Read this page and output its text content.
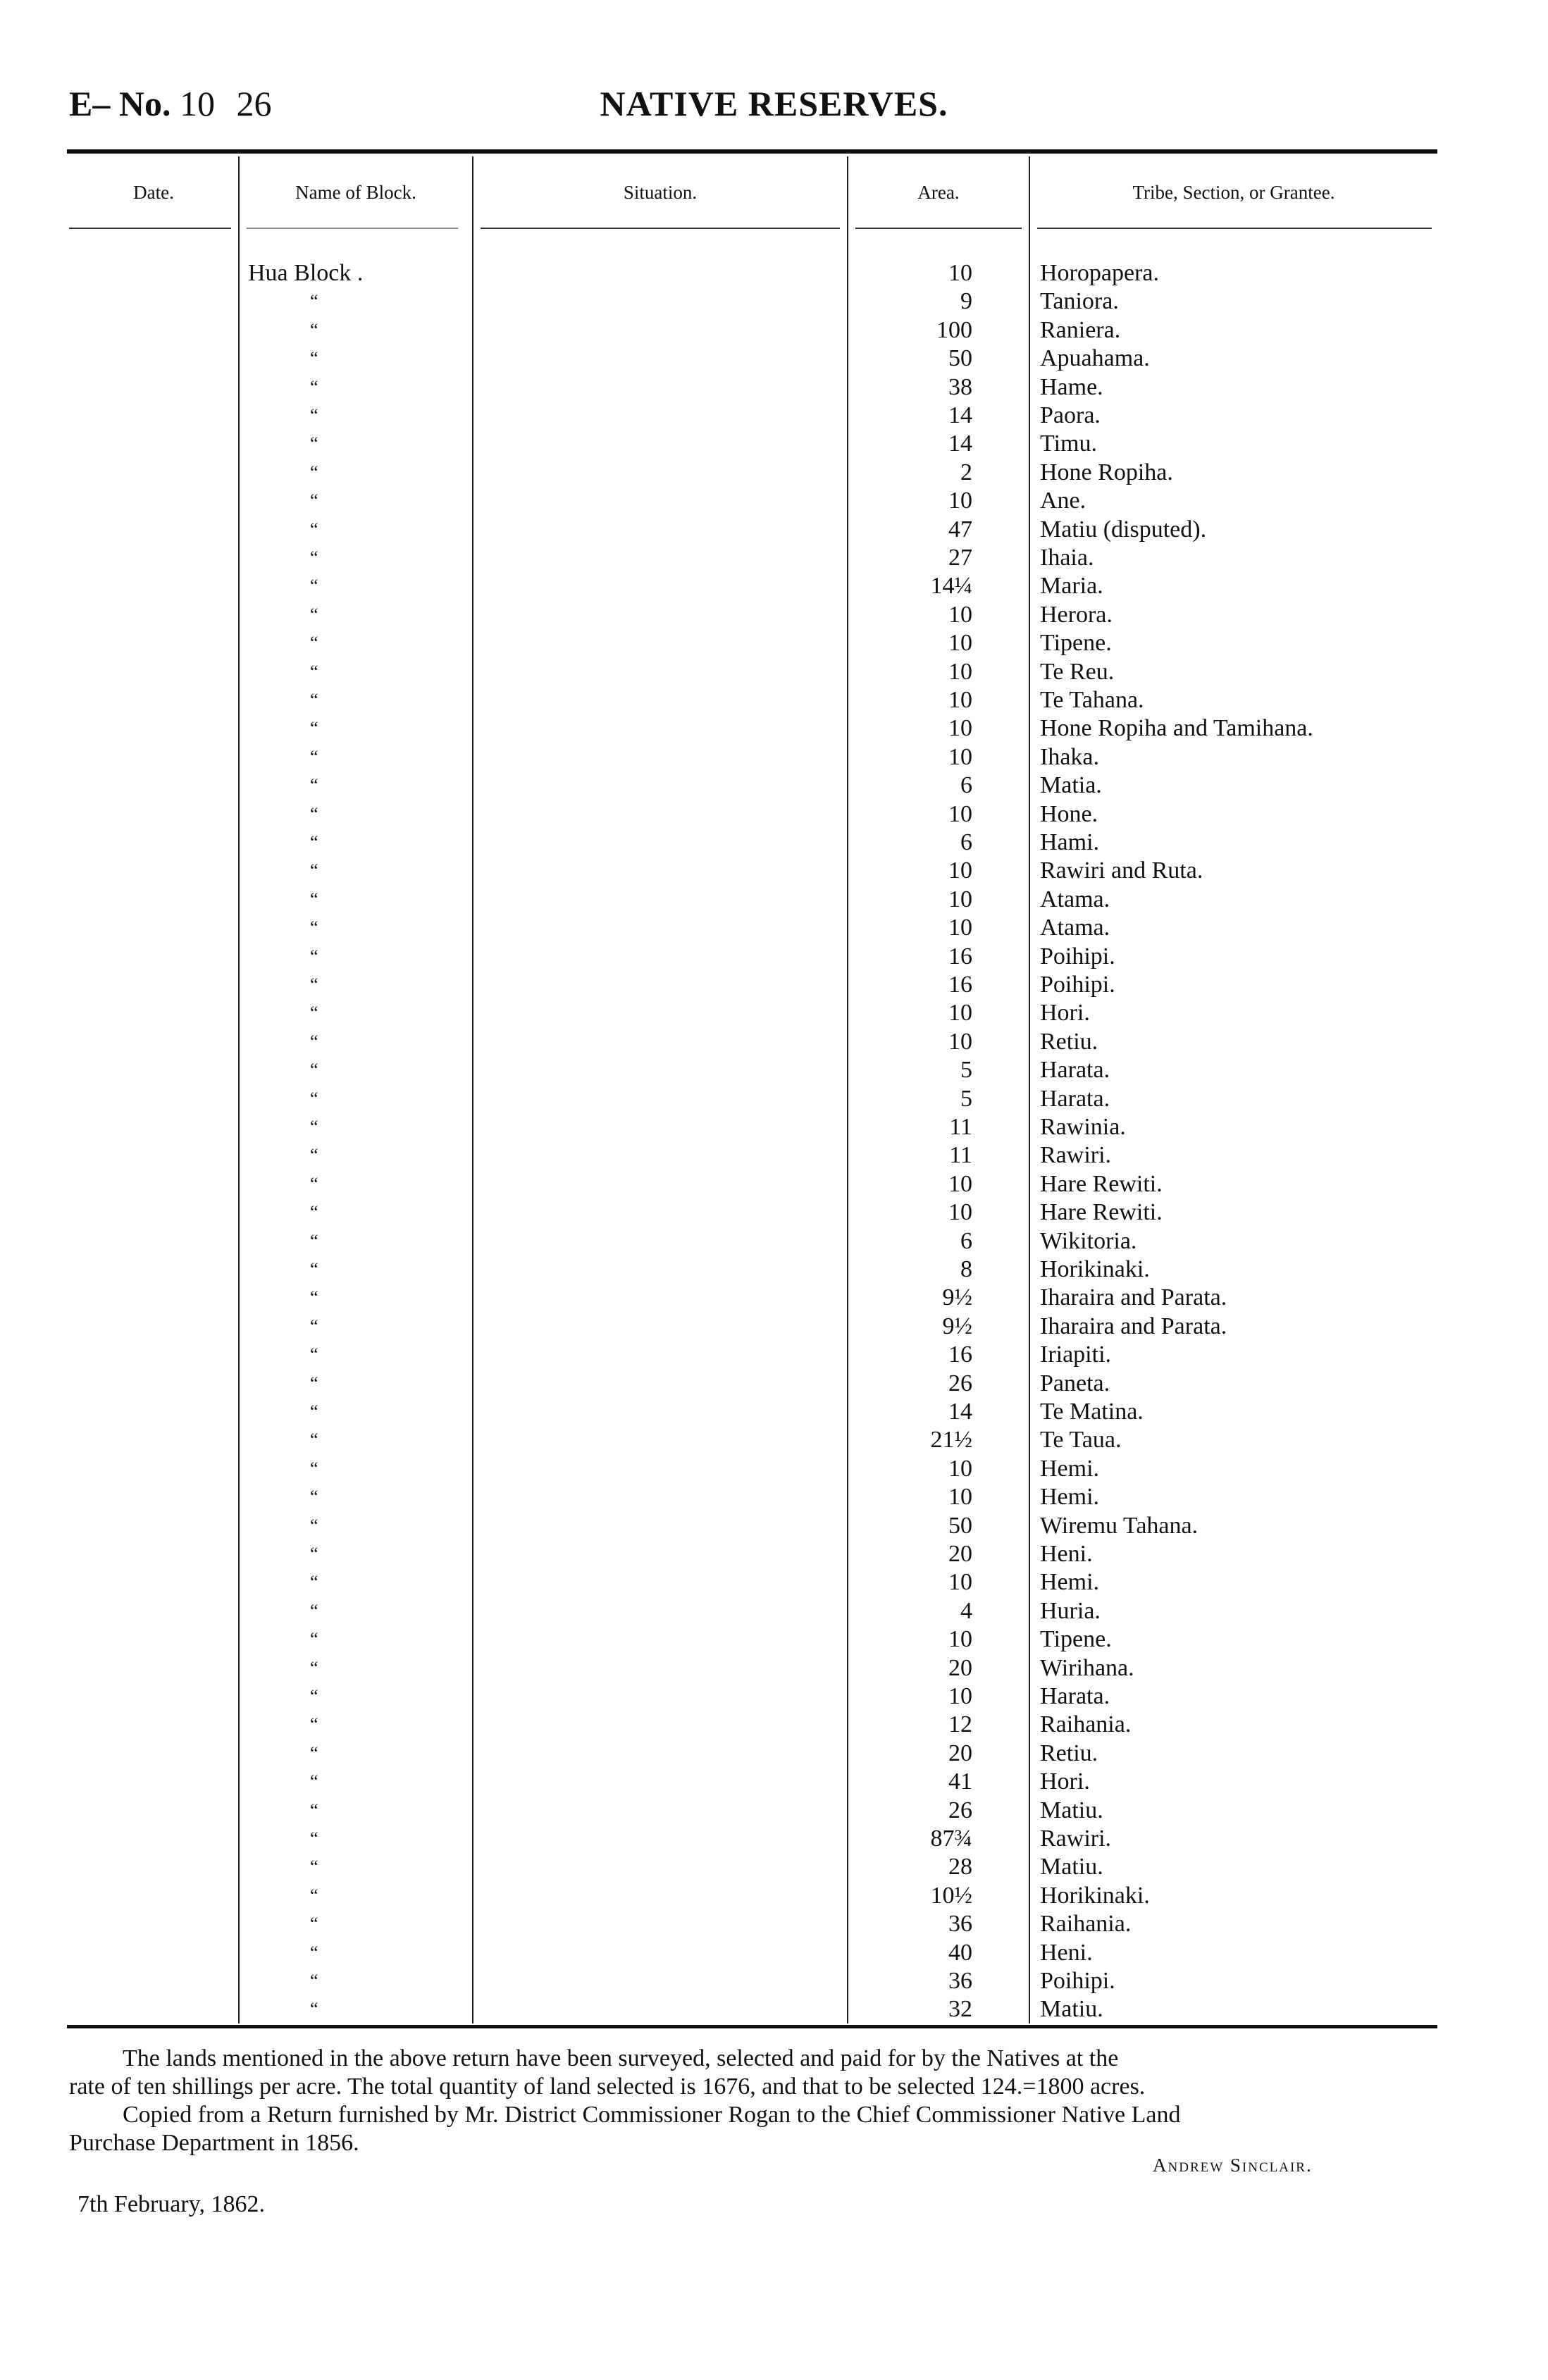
E– No. 10 26	NATIVE RESERVES.
Date.	Name of Block.	Situation.	Area.	Tribe, Section, or Grantee.
Hua Block .	10	Horopapera.
“	9	Taniora.
“	100	Raniera.
“	50	Apuahama.
“	38	Hame.
“	14	Paora.
“	14	Timu.
“	2	Hone Ropiha.
“	10	Ane.
“	47	Matiu (disputed).
“	27	Ihaia.
“	14¼	Maria.
“	10	Herora.
“	10	Tipene.
“	10	Te Reu.
“	10	Te Tahana.
“	10	Hone Ropiha and Tamihana.
“	10	Ihaka.
“	6	Matia.
“	10	Hone.
“	6	Hami.
“	10	Rawiri and Ruta.
“	10	Atama.
“	10	Atama.
“	16	Poihipi.
“	16	Poihipi.
“	10	Hori.
“	10	Retiu.
“	5	Harata.
“	5	Harata.
“	11	Rawinia.
“	11	Rawiri.
“	10	Hare Rewiti.
“	10	Hare Rewiti.
“	6	Wikitoria.
“	8	Horikinaki.
“	9½	Iharaira and Parata.
“	9½	Iharaira and Parata.
“	16	Iriapiti.
“	26	Paneta.
“	14	Te Matina.
“	21½	Te Taua.
“	10	Hemi.
“	10	Hemi.
“	50	Wiremu Tahana.
“	20	Heni.
“	10	Hemi.
“	4	Huria.
“	10	Tipene.
“	20	Wirihana.
“	10	Harata.
“	12	Raihania.
“	20	Retiu.
“	41	Hori.
“	26	Matiu.
“	87¾	Rawiri.
“	28	Matiu.
“	10½	Horikinaki.
“	36	Raihania.
“	40	Heni.
“	36	Poihipi.
“	32	Matiu.
The lands mentioned in the above return have been surveyed, selected and paid for by the Natives at the
rate of ten shillings per acre. The total quantity of land selected is 1676, and that to be selected 124.=1800 acres.
Copied from a Return furnished by Mr. District Commissioner Rogan to the Chief Commissioner Native Land
Purchase Department in 1856.
Andrew Sinclair.
7th February, 1862.
